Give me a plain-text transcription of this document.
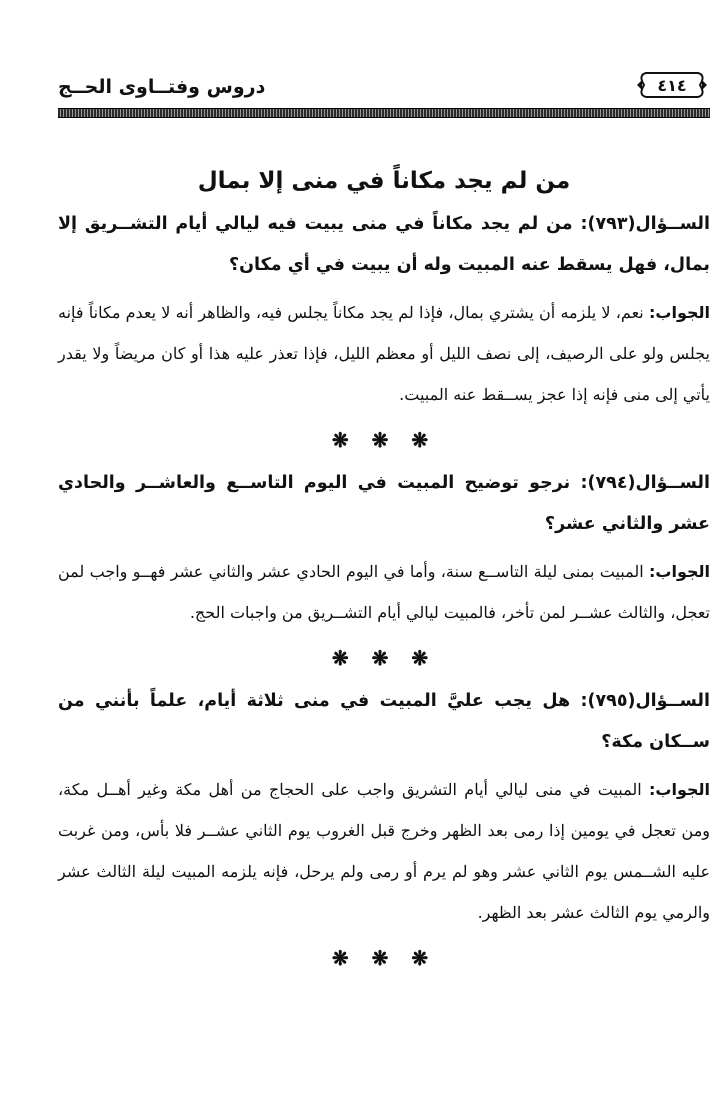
دروس وفتــاوى الحــج	٤١٤
من لم يجد مكاناً في منى إلا بمال

الســؤال(٧٩٣): من لم يجد مكاناً في منى يبيت فيه ليالي أيام التشــريق إلا بمال، فهل يسقط عنه المبيت وله أن يبيت في أي مكان؟

الجواب: نعم، لا يلزمه أن يشتري بمال، فإذا لم يجد مكاناً يجلس فيه، والظاهر أنه لا يعدم مكاناً فإنه يجلس ولو على الرصيف، إلى نصف الليل أو معظم الليل، فإذا تعذر عليه هذا أو كان مريضاً ولا يقدر يأتي إلى منى فإنه إذا عجز يســقط عنه المبيت.

❋ ❋ ❋

الســؤال(٧٩٤): نرجو توضيح المبيت في اليوم التاســع والعاشــر والحادي عشر والثاني عشر؟

الجواب: المبيت بمنى ليلة التاســع سنة، وأما في اليوم الحادي عشر والثاني عشر فهــو واجب لمن تعجل، والثالث عشــر لمن تأخر، فالمبيت ليالي أيام التشــريق من واجبات الحج.

❋ ❋ ❋

الســؤال(٧٩٥): هل يجب عليَّ المبيت في منى ثلاثة أيام، علماً بأنني من ســكان مكة؟

الجواب: المبيت في منى ليالي أيام التشريق واجب على الحجاج من أهل مكة وغير أهــل مكة، ومن تعجل في يومين إذا رمى بعد الظهر وخرج قبل الغروب يوم الثاني عشــر فلا بأس، ومن غربت عليه الشــمس يوم الثاني عشر وهو لم يرم أو رمى ولم يرحل، فإنه يلزمه المبيت ليلة الثالث عشر والرمي يوم الثالث عشر بعد الظهر.

❋ ❋ ❋
